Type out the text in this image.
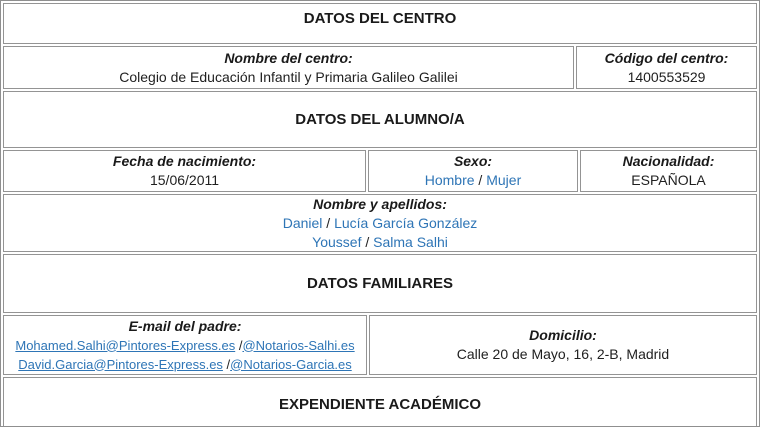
DATOS DEL CENTRO
Nombre del centro:
Colegio de Educación Infantil y Primaria Galileo Galilei
Código del centro:
1400553529
DATOS DEL ALUMNO/A
Fecha de nacimiento:
15/06/2011
Sexo:
Hombre / Mujer
Nacionalidad:
ESPAÑOLA
Nombre y apellidos:
Daniel / Lucía García González
Youssef / Salma Salhi
DATOS FAMILIARES
E-mail del padre:
Mohamed.Salhi@Pintores-Express.es /@Notarios-Salhi.es
David.Garcia@Pintores-Express.es /@Notarios-Garcia.es
Domicilio:
Calle 20 de Mayo, 16, 2-B, Madrid
EXPENDIENTE ACADÉMICO
